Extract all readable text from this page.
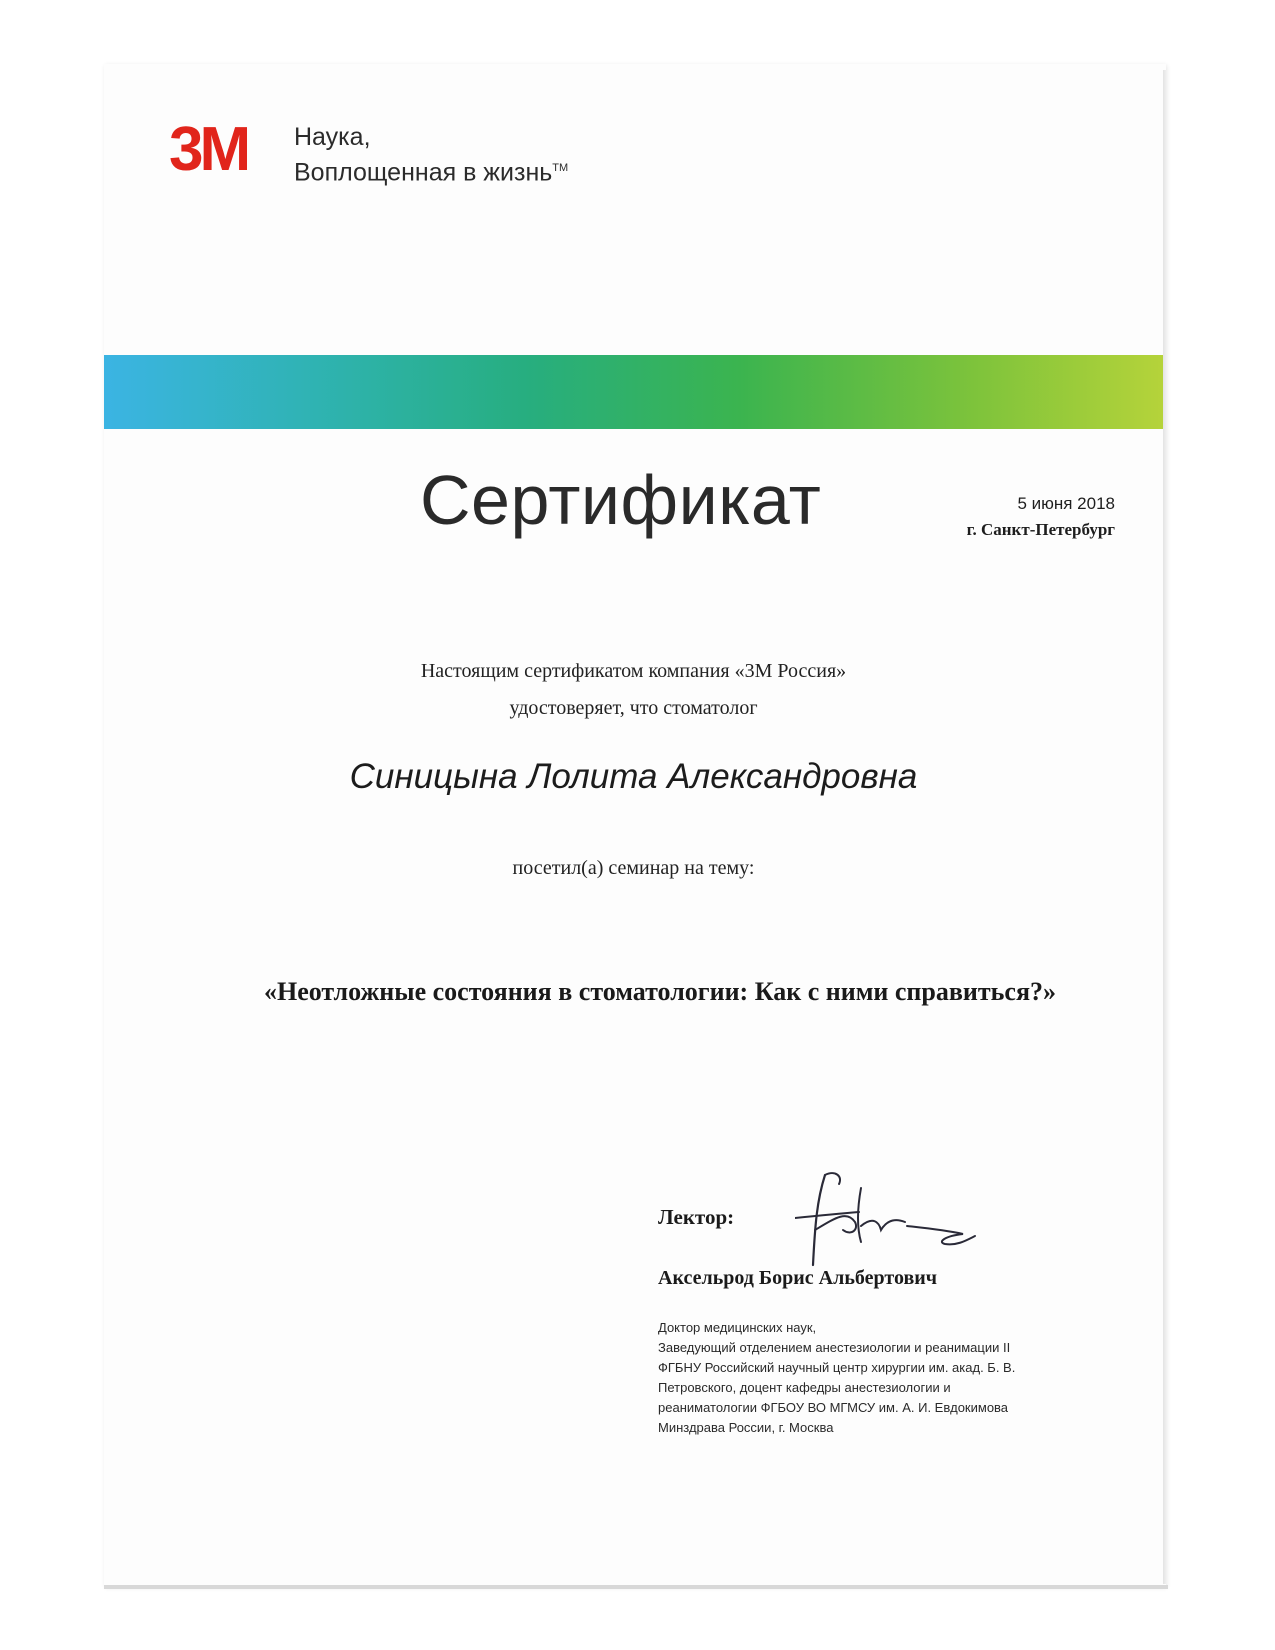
3M Наука,
Воплощенная в жизнь™
Сертификат	5 июня 2018
г. Санкт-Петербург
Настоящим сертификатом компания «3М Россия»
удостоверяет, что стоматолог
Синицына Лолита Александровна
посетил(а) семинар на тему:
«Неотложные состояния в стоматологии: Как с ними справиться?»
Лектор:
Аксельрод Борис Альбертович
Доктор медицинских наук,
Заведующий отделением анестезиологии и реанимации II
ФГБНУ Российский научный центр хирургии им. акад. Б. В.
Петровского, доцент кафедры анестезиологии и
реаниматологии ФГБОУ ВО МГМСУ им. А. И. Евдокимова
Минздрава России, г. Москва
